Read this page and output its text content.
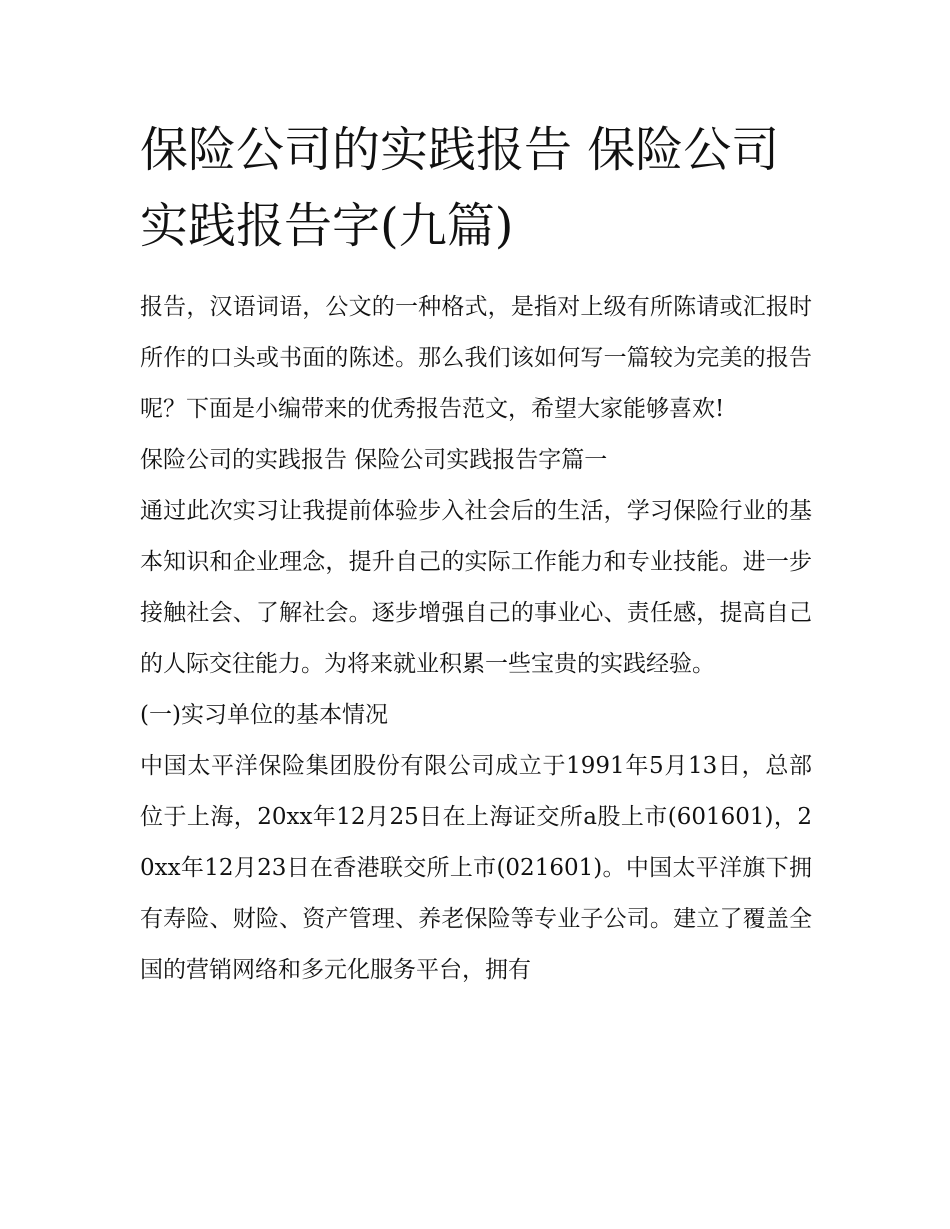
保险公司的实践报告 保险公司实践报告字(九篇)

报告，汉语词语，公文的一种格式，是指对上级有所陈请或汇报时所作的口头或书面的陈述。那么我们该如何写一篇较为完美的报告呢？下面是小编带来的优秀报告范文，希望大家能够喜欢!

保险公司的实践报告 保险公司实践报告字篇一

通过此次实习让我提前体验步入社会后的生活，学习保险行业的基本知识和企业理念，提升自己的实际工作能力和专业技能。进一步接触社会、了解社会。逐步增强自己的事业心、责任感，提高自己的人际交往能力。为将来就业积累一些宝贵的实践经验。

(一)实习单位的基本情况

中国太平洋保险集团股份有限公司成立于1991年5月13日，总部位于上海，20xx年12月25日在上海证交所a股上市(601601)，20xx年12月23日在香港联交所上市(021601)。中国太平洋旗下拥有寿险、财险、资产管理、养老保险等专业子公司。建立了覆盖全国的营销网络和多元化服务平台，拥有
